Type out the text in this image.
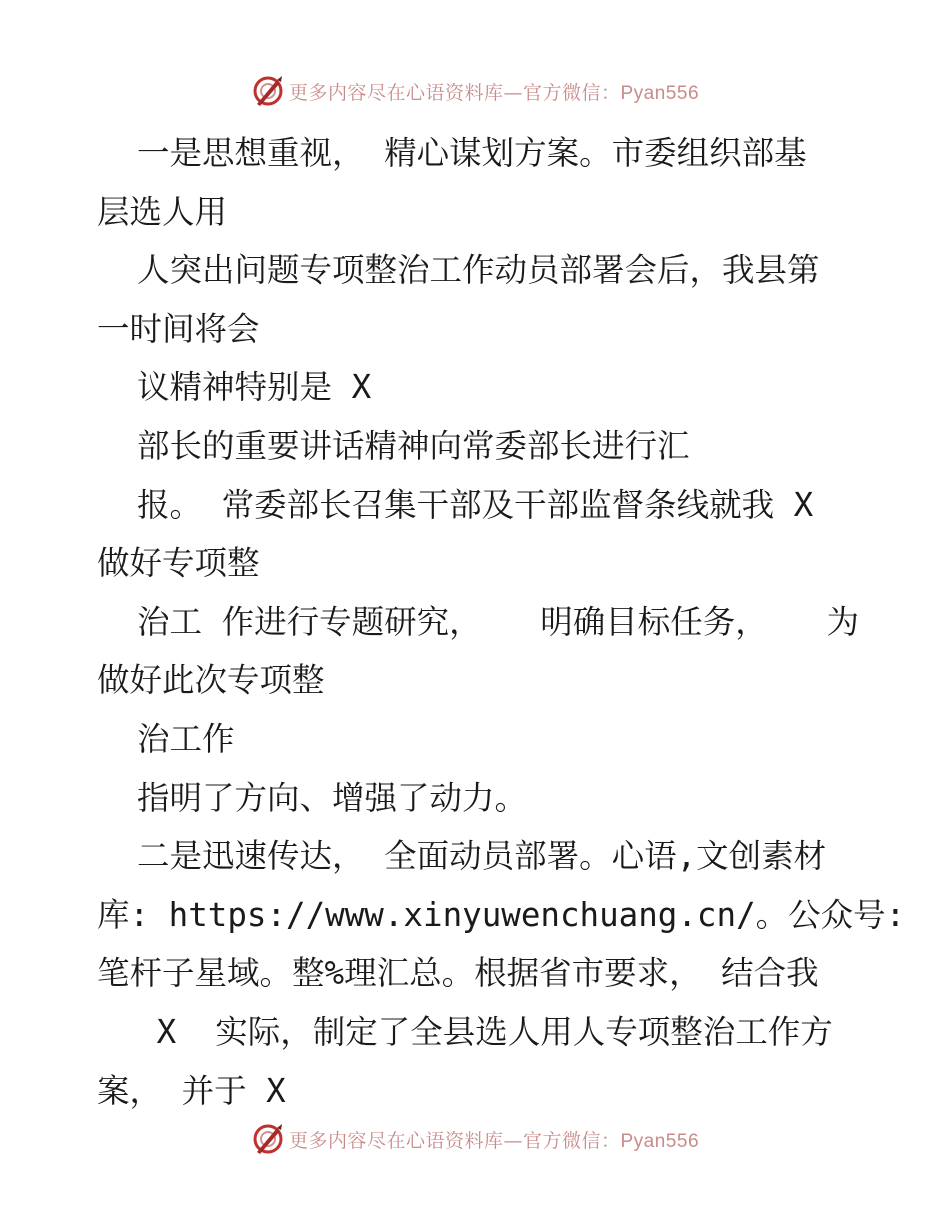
更多内容尽在心语资料库—官方微信：Pyan556
一是思想重视， 精心谋划方案。市委组织部基
层选人用
人突出问题专项整治工作动员部署会后，我县第
一时间将会
议精神特别是 X
部长的重要讲话精神向常委部长进行汇
报。 常委部长召集干部及干部监督条线就我 X
做好专项整
治工 作进行专题研究，   明确目标任务，   为
做好此次专项整
治工作
指明了方向、增强了动力。
二是迅速传达， 全面动员部署。心语,文创素材
库: https://www.xinyuwenchuang.cn/。公众号:
笔杆子星域。整%理汇总。根据省市要求， 结合我
X  实际，制定了全县选人用人专项整治工作方
案， 并于 X
更多内容尽在心语资料库—官方微信：Pyan556
